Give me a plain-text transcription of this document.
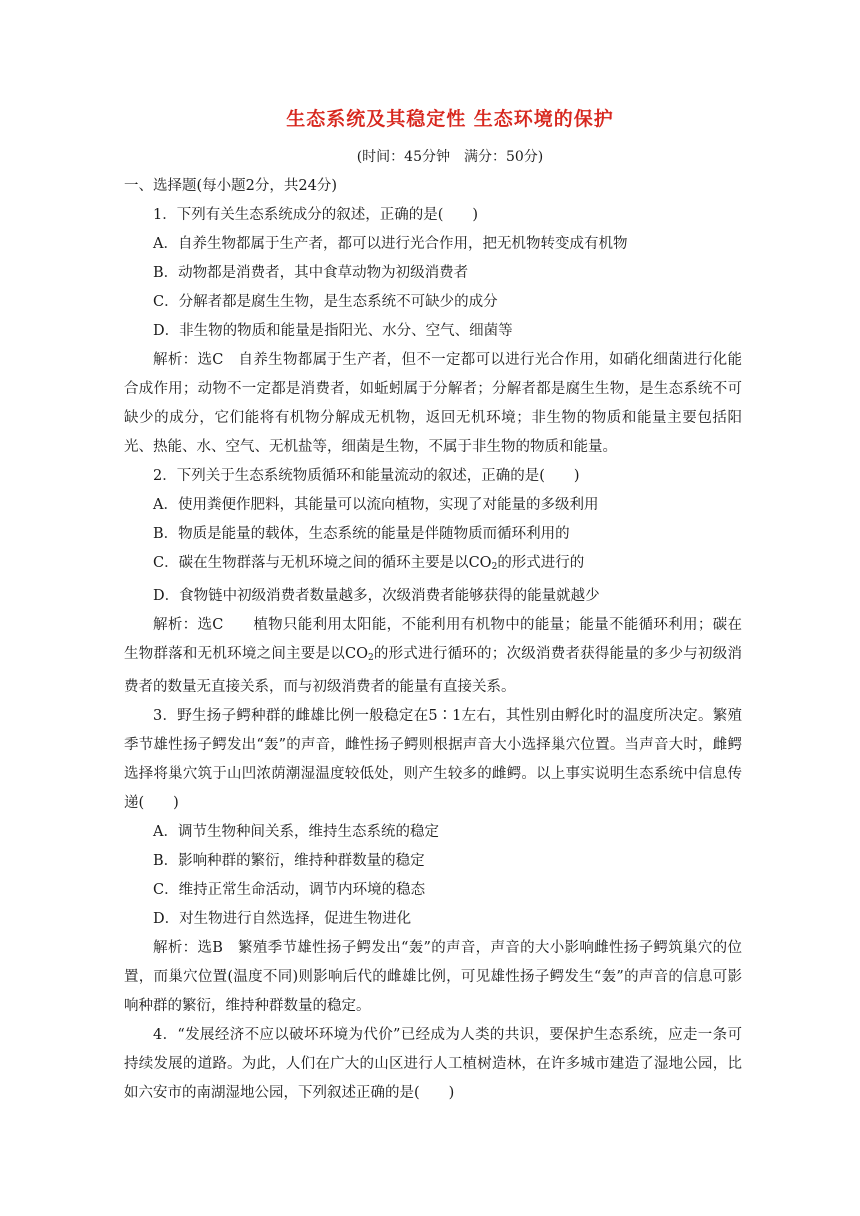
生态系统及其稳定性 生态环境的保护
(时间：45分钟　满分：50分)

一、选择题(每小题2分，共24分)

1．下列有关生态系统成分的叙述，正确的是(　　)

A．自养生物都属于生产者，都可以进行光合作用，把无机物转变成有机物

B．动物都是消费者，其中食草动物为初级消费者

C．分解者都是腐生生物，是生态系统不可缺少的成分

D．非生物的物质和能量是指阳光、水分、空气、细菌等

解析：选C　自养生物都属于生产者，但不一定都可以进行光合作用，如硝化细菌进行化能合成作用；动物不一定都是消费者，如蚯蚓属于分解者；分解者都是腐生生物，是生态系统不可缺少的成分，它们能将有机物分解成无机物，返回无机环境；非生物的物质和能量主要包括阳光、热能、水、空气、无机盐等，细菌是生物，不属于非生物的物质和能量。

2．下列关于生态系统物质循环和能量流动的叙述，正确的是(　　)

A．使用粪便作肥料，其能量可以流向植物，实现了对能量的多级利用

B．物质是能量的载体，生态系统的能量是伴随物质而循环利用的

C．碳在生物群落与无机环境之间的循环主要是以$CO_2$的形式进行的

D．食物链中初级消费者数量越多，次级消费者能够获得的能量就越少

解析：选C　　植物只能利用太阳能，不能利用有机物中的能量；能量不能循环利用；碳在生物群落和无机环境之间主要是以$CO_2$的形式进行循环的；次级消费者获得能量的多少与初级消费者的数量无直接关系，而与初级消费者的能量有直接关系。

3．野生扬子鳄种群的雌雄比例一般稳定在5∶1左右，其性别由孵化时的温度所决定。繁殖季节雄性扬子鳄发出“轰”的声音，雌性扬子鳄则根据声音大小选择巢穴位置。当声音大时，雌鳄选择将巢穴筑于山凹浓荫潮湿温度较低处，则产生较多的雌鳄。以上事实说明生态系统中信息传递(　　)

A．调节生物种间关系，维持生态系统的稳定

B．影响种群的繁衍，维持种群数量的稳定

C．维持正常生命活动，调节内环境的稳态

D．对生物进行自然选择，促进生物进化

解析：选B　繁殖季节雄性扬子鳄发出“轰”的声音，声音的大小影响雌性扬子鳄筑巢穴的位置，而巢穴位置(温度不同)则影响后代的雌雄比例，可见雄性扬子鳄发生“轰”的声音的信息可影响种群的繁衍，维持种群数量的稳定。

4．“发展经济不应以破坏环境为代价”已经成为人类的共识，要保护生态系统，应走一条可持续发展的道路。为此，人们在广大的山区进行人工植树造林，在许多城市建造了湿地公园，比如六安市的南湖湿地公园，下列叙述正确的是(　　)
